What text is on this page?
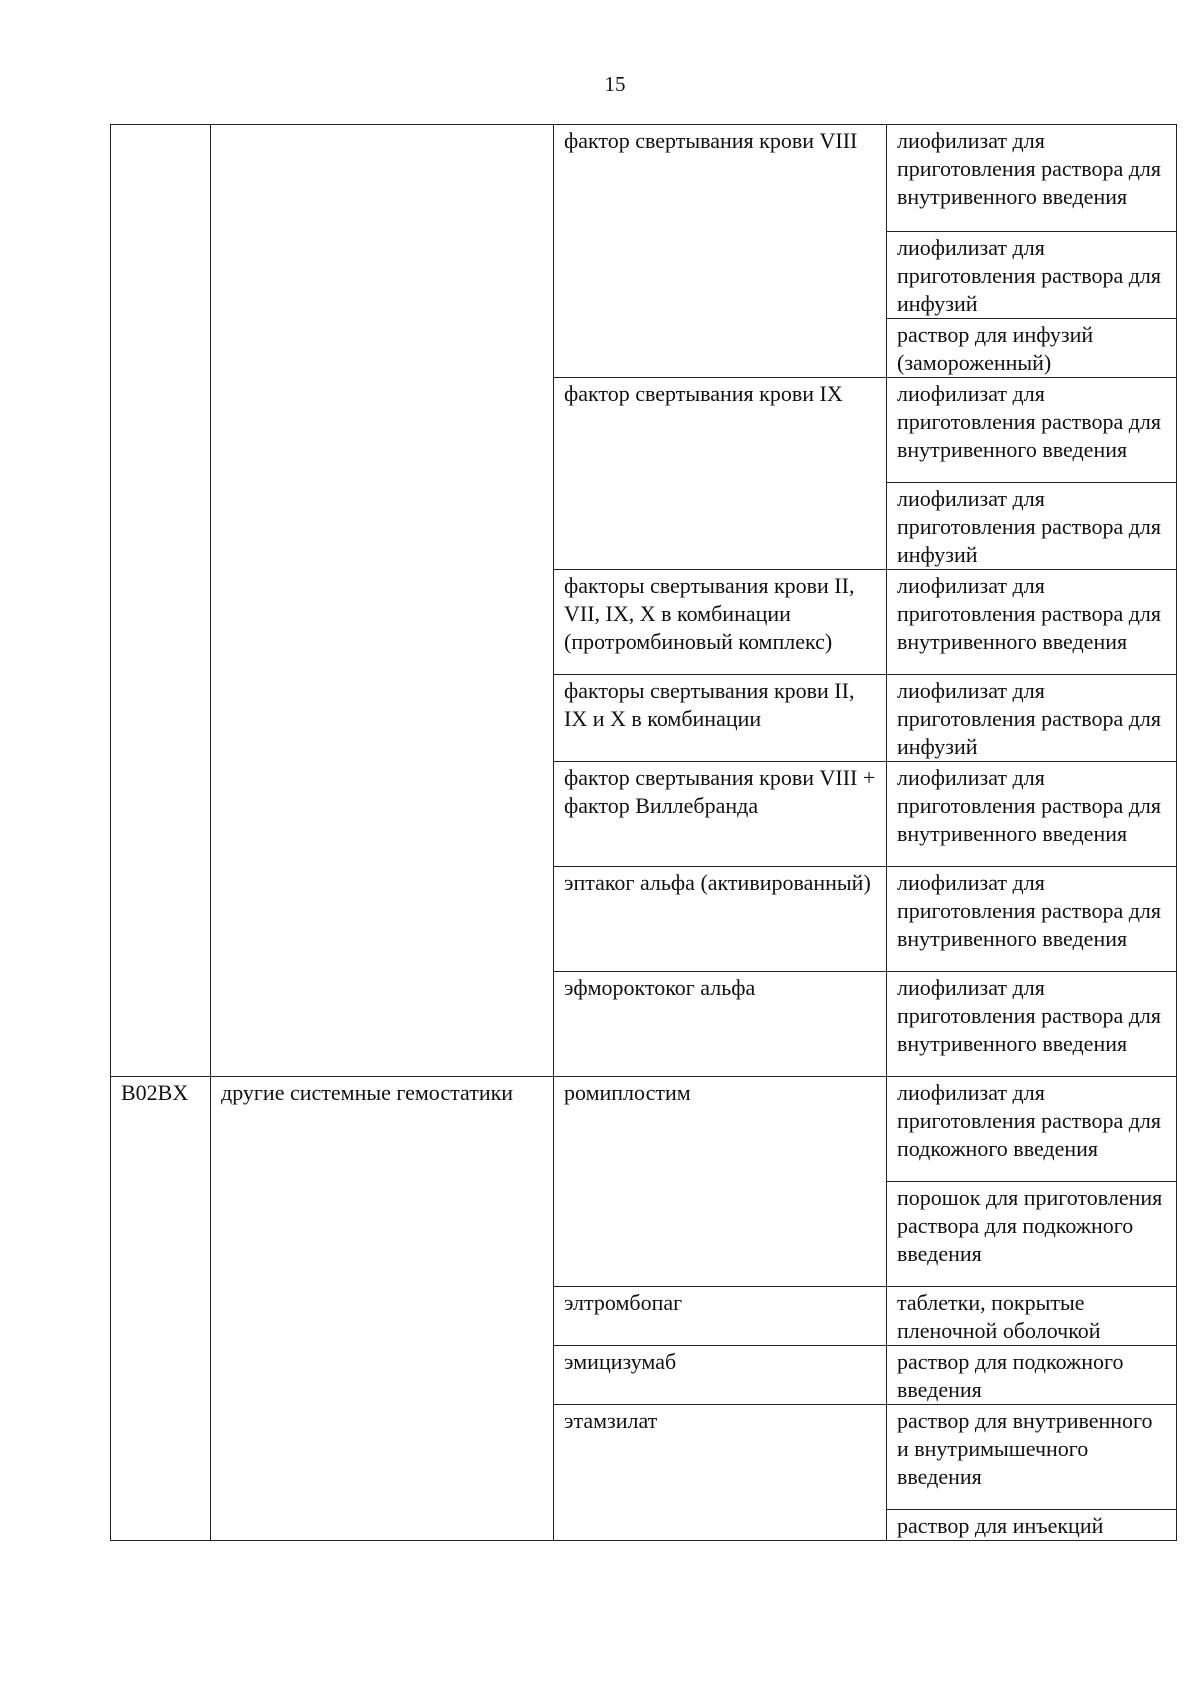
15
		фактор свертывания крови VIII	лиофилизат для приготовления раствора для внутривенного введения
			лиофилизат для приготовления раствора для инфузий
			раствор для инфузий (замороженный)
		фактор свертывания крови IX	лиофилизат для приготовления раствора для внутривенного введения
			лиофилизат для приготовления раствора для инфузий
		факторы свертывания крови II, VII, IX, X в комбинации (протромбиновый комплекс)	лиофилизат для приготовления раствора для внутривенного введения
		факторы свертывания крови II, IX и X в комбинации	лиофилизат для приготовления раствора для инфузий
		фактор свертывания крови VIII + фактор Виллебранда	лиофилизат для приготовления раствора для внутривенного введения
		эптаког альфа (активированный)	лиофилизат для приготовления раствора для внутривенного введения
		эфмороктоког альфа	лиофилизат для приготовления раствора для внутривенного введения
B02BX	другие системные гемостатики	ромиплостим	лиофилизат для приготовления раствора для подкожного введения
			порошок для приготовления раствора для подкожного введения
		элтромбопаг	таблетки, покрытые пленочной оболочкой
		эмицизумаб	раствор для подкожного введения
		этамзилат	раствор для внутривенного и внутримышечного введения
			раствор для инъекций
